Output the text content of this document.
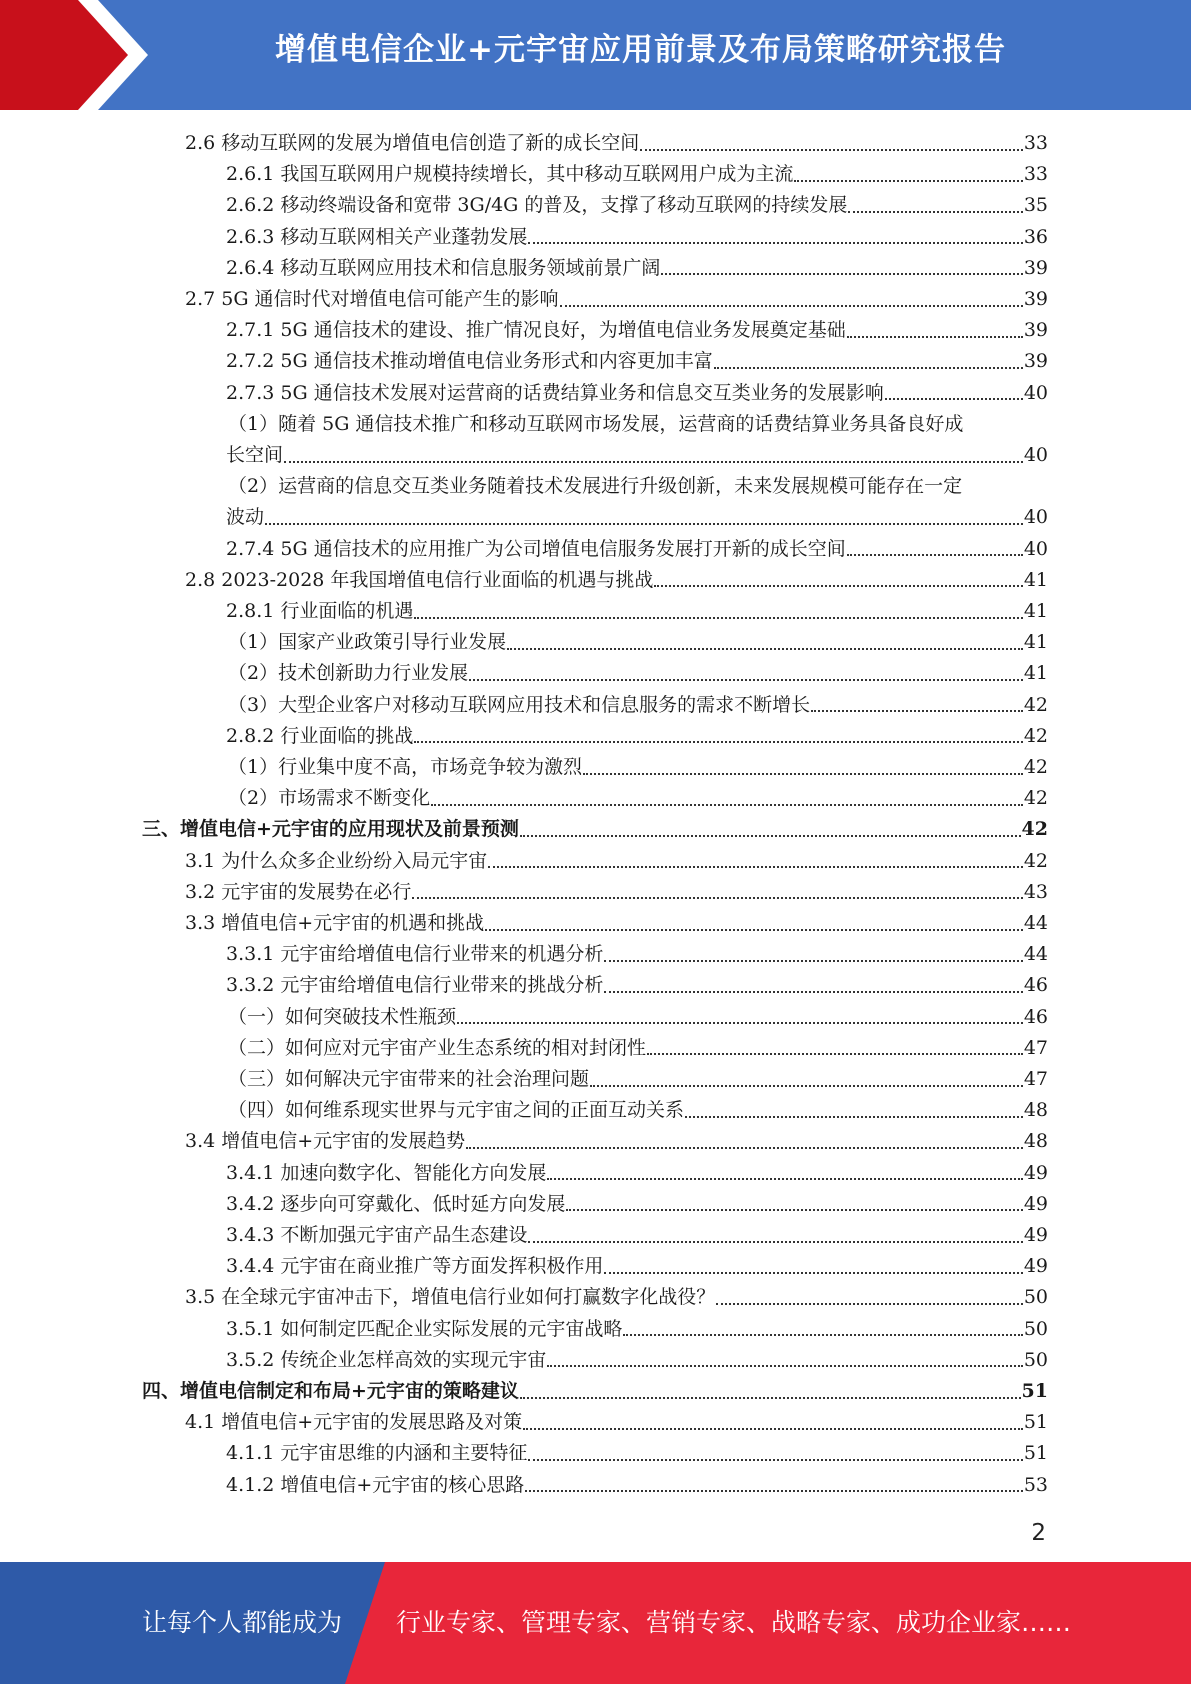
增值电信企业+元宇宙应用前景及布局策略研究报告
2.6 移动互联网的发展为增值电信创造了新的成长空间	33
2.6.1 我国互联网用户规模持续增长，其中移动互联网用户成为主流	33
2.6.2 移动终端设备和宽带 3G/4G 的普及，支撑了移动互联网的持续发展	35
2.6.3 移动互联网相关产业蓬勃发展	36
2.6.4 移动互联网应用技术和信息服务领域前景广阔	39
2.7 5G 通信时代对增值电信可能产生的影响	39
2.7.1 5G 通信技术的建设、推广情况良好，为增值电信业务发展奠定基础	39
2.7.2 5G 通信技术推动增值电信业务形式和内容更加丰富	39
2.7.3 5G 通信技术发展对运营商的话费结算业务和信息交互类业务的发展影响	40
（1）随着 5G 通信技术推广和移动互联网市场发展，运营商的话费结算业务具备良好成
长空间	40
（2）运营商的信息交互类业务随着技术发展进行升级创新，未来发展规模可能存在一定
波动	40
2.7.4 5G 通信技术的应用推广为公司增值电信服务发展打开新的成长空间	40
2.8 2023-2028 年我国增值电信行业面临的机遇与挑战	41
2.8.1 行业面临的机遇	41
（1）国家产业政策引导行业发展	41
（2）技术创新助力行业发展	41
（3）大型企业客户对移动互联网应用技术和信息服务的需求不断增长	42
2.8.2 行业面临的挑战	42
（1）行业集中度不高，市场竞争较为激烈	42
（2）市场需求不断变化	42
三、增值电信+元宇宙的应用现状及前景预测	42
3.1 为什么众多企业纷纷入局元宇宙	42
3.2 元宇宙的发展势在必行	43
3.3 增值电信+元宇宙的机遇和挑战	44
3.3.1 元宇宙给增值电信行业带来的机遇分析	44
3.3.2 元宇宙给增值电信行业带来的挑战分析	46
（一）如何突破技术性瓶颈	46
（二）如何应对元宇宙产业生态系统的相对封闭性	47
（三）如何解决元宇宙带来的社会治理问题	47
（四）如何维系现实世界与元宇宙之间的正面互动关系	48
3.4 增值电信+元宇宙的发展趋势	48
3.4.1 加速向数字化、智能化方向发展	49
3.4.2 逐步向可穿戴化、低时延方向发展	49
3.4.3 不断加强元宇宙产品生态建设	49
3.4.4 元宇宙在商业推广等方面发挥积极作用	49
3.5 在全球元宇宙冲击下，增值电信行业如何打赢数字化战役？	50
3.5.1 如何制定匹配企业实际发展的元宇宙战略	50
3.5.2 传统企业怎样高效的实现元宇宙	50
四、增值电信制定和布局+元宇宙的策略建议	51
4.1 增值电信+元宇宙的发展思路及对策	51
4.1.1 元宇宙思维的内涵和主要特征	51
4.1.2 增值电信+元宇宙的核心思路	53
2
让每个人都能成为 行业专家、管理专家、营销专家、战略专家、成功企业家……
